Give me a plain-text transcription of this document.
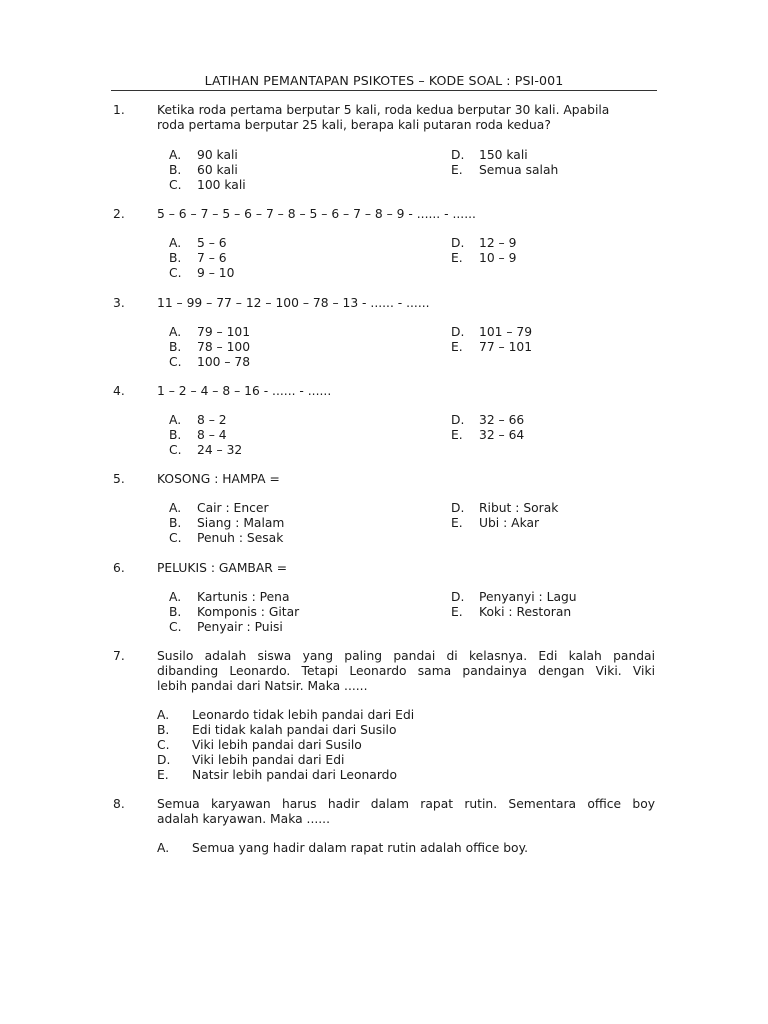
LATIHAN PEMANTAPAN PSIKOTES – KODE SOAL : PSI-001
1.	Ketika roda pertama berputar 5 kali, roda kedua berputar 30 kali. Apabila
roda pertama berputar 25 kali, berapa kali putaran roda kedua?
A. 90 kali
B. 60 kali
C. 100 kali
D. 150 kali
E. Semua salah
2.	5 – 6 – 7 – 5 – 6 – 7 – 8 – 5 – 6 – 7 – 8 – 9 - ...... - ......
A. 5 – 6
B. 7 – 6
C. 9 – 10
D. 12 – 9
E. 10 – 9
3.	11 – 99 – 77 – 12 – 100 – 78 – 13 - ...... - ......
A. 79 – 101
B. 78 – 100
C. 100 – 78
D. 101 – 79
E. 77 – 101
4.	1 – 2 – 4 – 8 – 16 - ...... - ......
A. 8 – 2
B. 8 – 4
C. 24 – 32
D. 32 – 66
E. 32 – 64
5.	KOSONG : HAMPA =
A. Cair : Encer
B. Siang : Malam
C. Penuh : Sesak
D. Ribut : Sorak
E. Ubi : Akar
6.	PELUKIS : GAMBAR =
A. Kartunis : Pena
B. Komponis : Gitar
C. Penyair : Puisi
D. Penyanyi : Lagu
E. Koki : Restoran
7.	Susilo adalah siswa yang paling pandai di kelasnya. Edi kalah pandai
dibanding Leonardo. Tetapi Leonardo sama pandainya dengan Viki. Viki
lebih pandai dari Natsir. Maka ......
A. Leonardo tidak lebih pandai dari Edi
B. Edi tidak kalah pandai dari Susilo
C. Viki lebih pandai dari Susilo
D. Viki lebih pandai dari Edi
E. Natsir lebih pandai dari Leonardo
8.	Semua karyawan harus hadir dalam rapat rutin. Sementara office boy
adalah karyawan. Maka ......
A. Semua yang hadir dalam rapat rutin adalah office boy.
